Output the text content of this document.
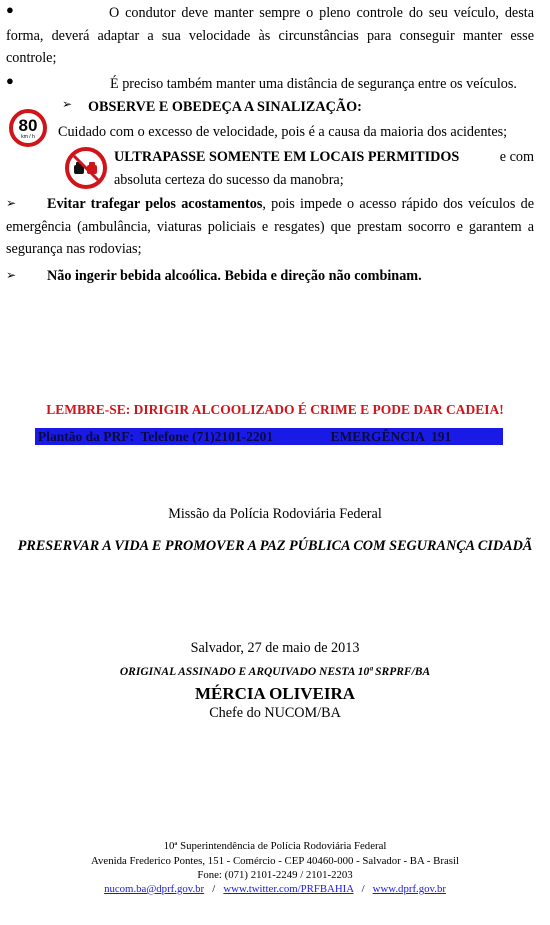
●	O condutor deve manter sempre o pleno controle do seu veículo, desta forma, deverá adaptar a sua velocidade às circunstâncias para conseguir manter esse controle;
●	É preciso também manter uma distância de segurança entre os veículos.
➢ OBSERVE E OBEDEÇA A SINALIZAÇÃO:
80
km / h	Cuidado com o excesso de velocidade, pois é a causa da maioria dos acidentes;
ULTRAPASSE SOMENTE EM LOCAIS PERMITIDOS	e com
absoluta certeza do sucesso da manobra;
➢	Evitar trafegar pelos acostamentos, pois impede o acesso rápido dos veículos de emergência (ambulância, viaturas policiais e resgates) que prestam socorro e garantem a segurança nas rodovias;
➢ Não ingerir bebida alcoólica. Bebida e direção não combinam.
LEMBRE-SE: DIRIGIR ALCOOLIZADO É CRIME E PODE DAR CADEIA!
Plantão da PRF:  Telefone (71)2101-2201                 EMERGÊNCIA  191
Missão da Polícia Rodoviária Federal
PRESERVAR A VIDA E PROMOVER A PAZ PÚBLICA COM SEGURANÇA CIDADÃ
Salvador, 27 de maio de 2013
ORIGINAL ASSINADO E ARQUIVADO NESTA 10ª SRPRF/BA
MÉRCIA OLIVEIRA
Chefe do NUCOM/BA
10ª Superintendência de Polícia Rodoviária Federal
Avenida Frederico Pontes, 151 - Comércio - CEP 40460-000 - Salvador - BA - Brasil
Fone: (071) 2101-2249 / 2101-2203
nucom.ba@dprf.gov.br / www.twitter.com/PRFBAHIA / www.dprf.gov.br
